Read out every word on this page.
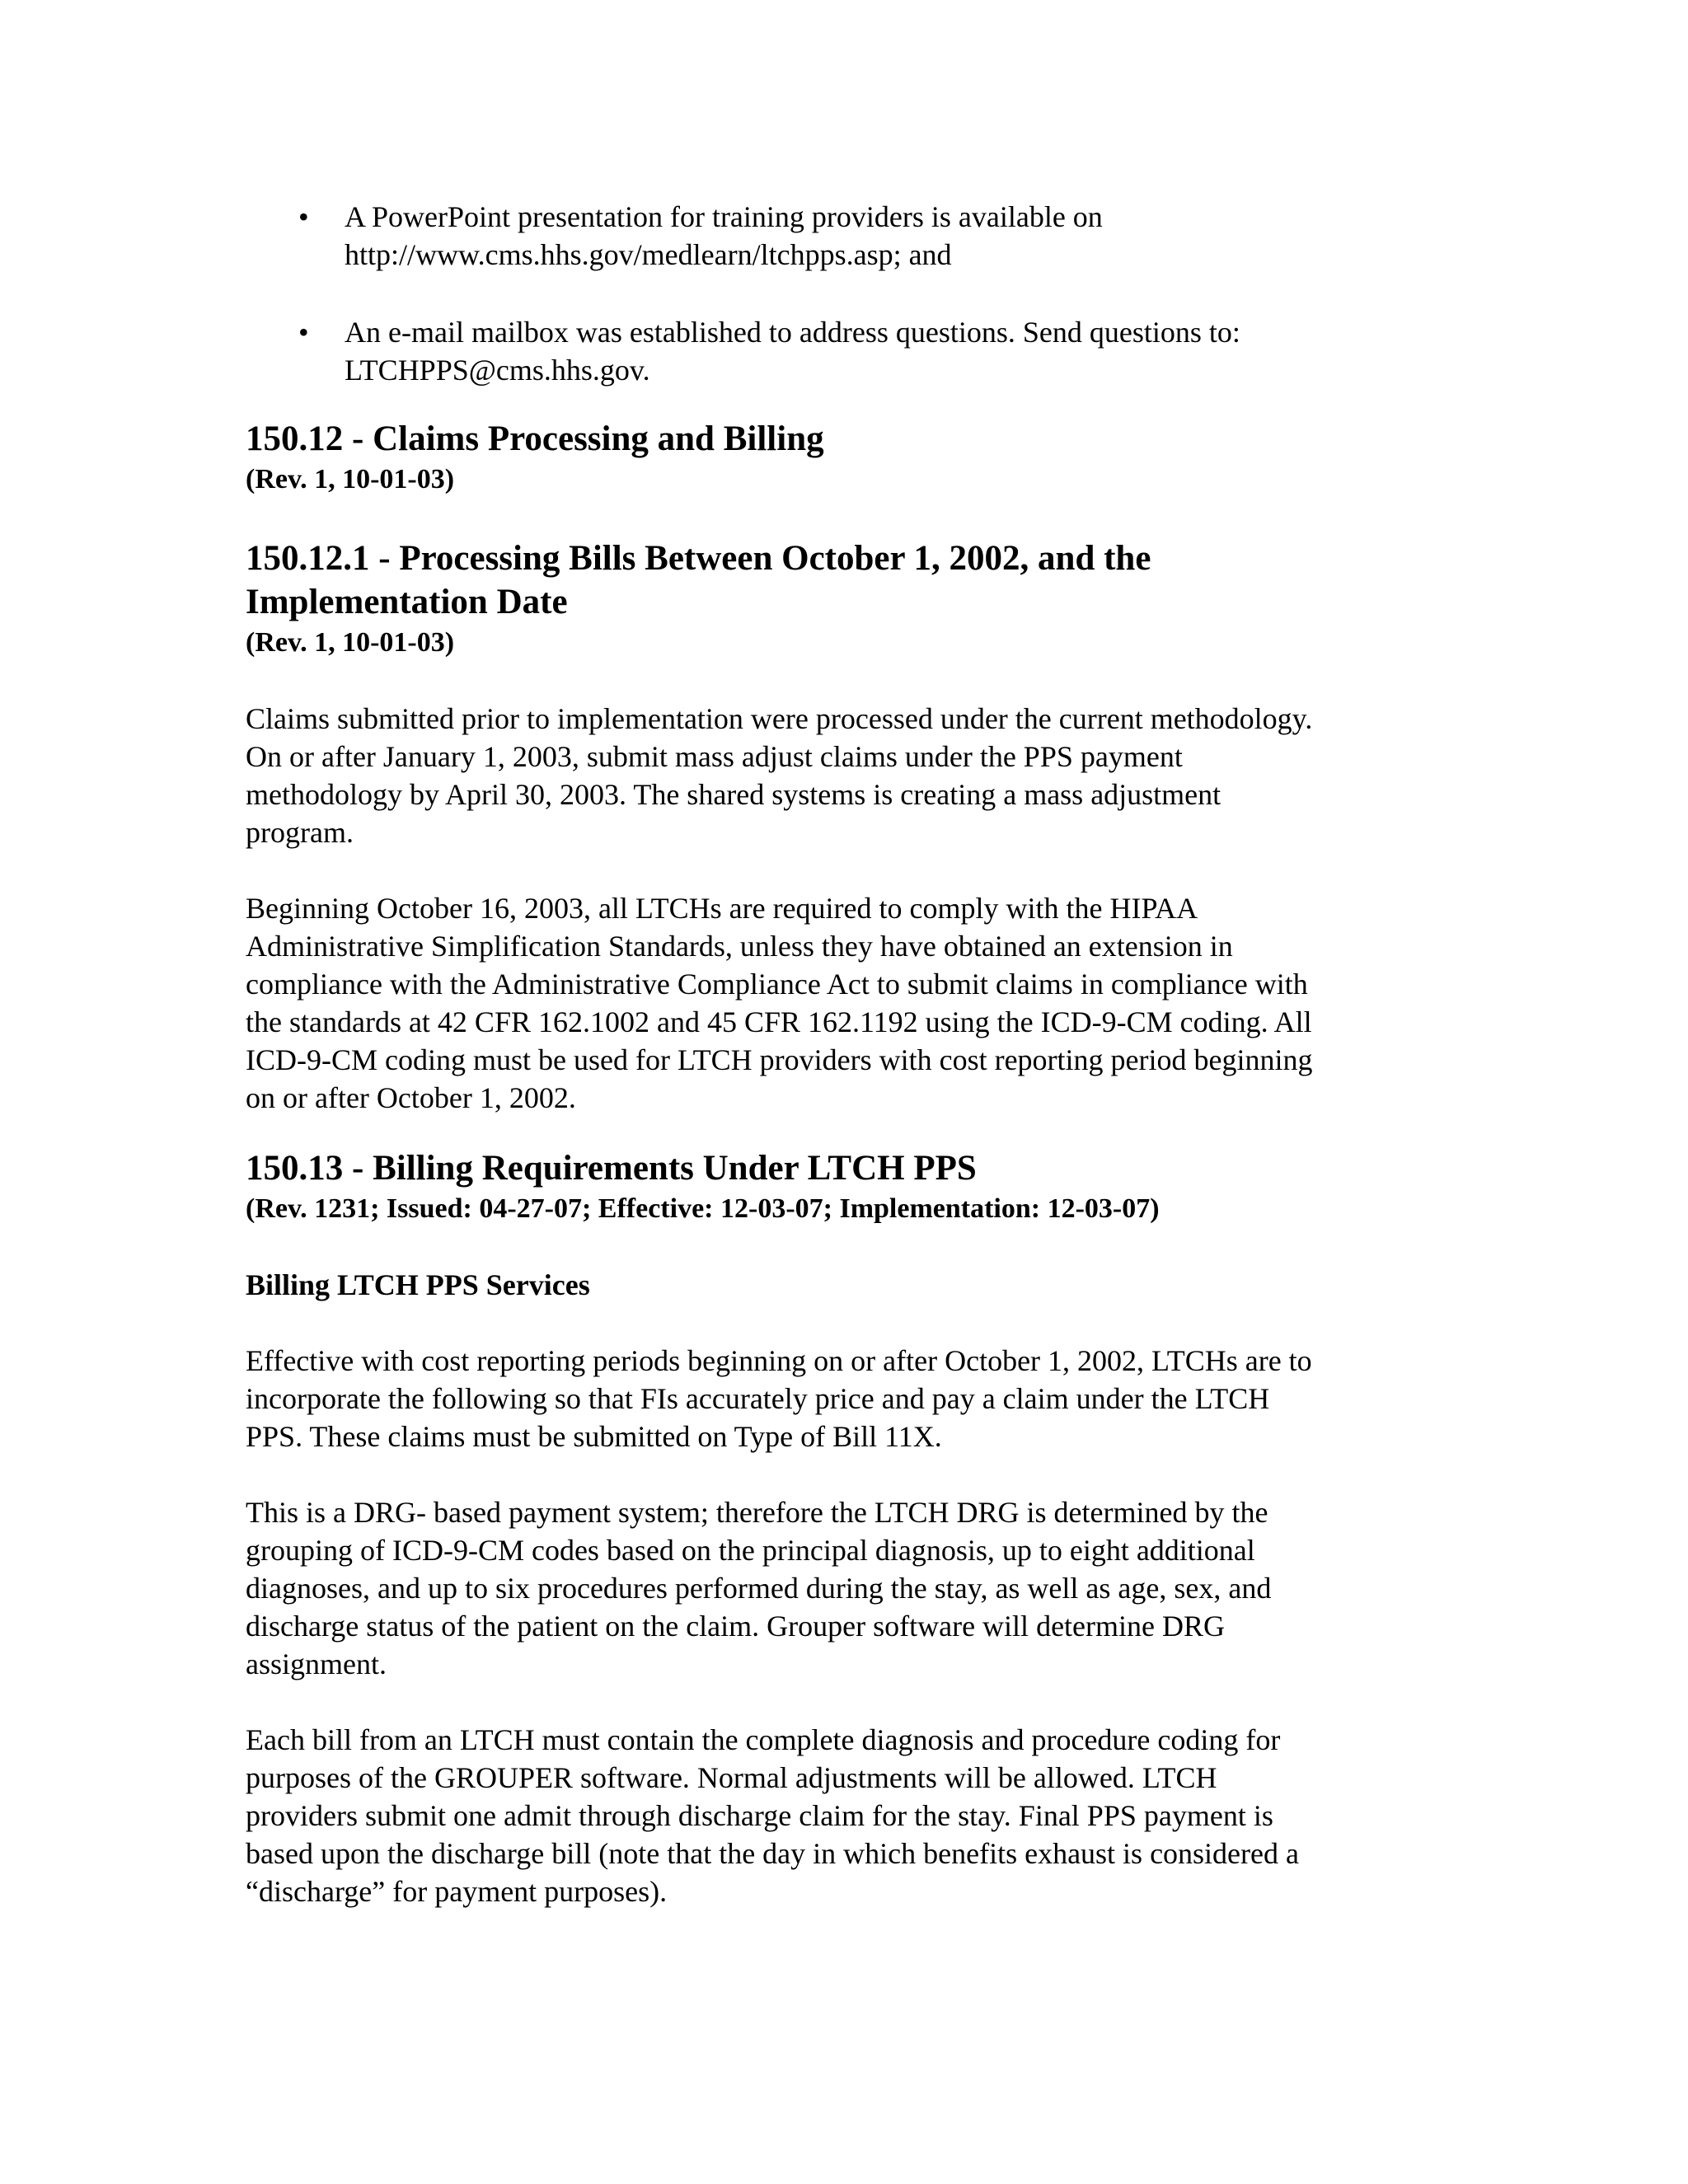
• A PowerPoint presentation for training providers is available on
http://www.cms.hhs.gov/medlearn/ltchpps.asp; and
• An e-mail mailbox was established to address questions. Send questions to:
LTCHPPS@cms.hhs.gov.
150.12 - Claims Processing and Billing
(Rev. 1, 10-01-03)
150.12.1 - Processing Bills Between October 1, 2002, and the
Implementation Date
(Rev. 1, 10-01-03)

Claims submitted prior to implementation were processed under the current methodology.
On or after January 1, 2003, submit mass adjust claims under the PPS payment
methodology by April 30, 2003. The shared systems is creating a mass adjustment
program.

Beginning October 16, 2003, all LTCHs are required to comply with the HIPAA
Administrative Simplification Standards, unless they have obtained an extension in
compliance with the Administrative Compliance Act to submit claims in compliance with
the standards at 42 CFR 162.1002 and 45 CFR 162.1192 using the ICD-9-CM coding. All
ICD-9-CM coding must be used for LTCH providers with cost reporting period beginning
on or after October 1, 2002.

150.13 - Billing Requirements Under LTCH PPS
(Rev. 1231; Issued: 04-27-07; Effective: 12-03-07; Implementation: 12-03-07)
Billing LTCH PPS Services

Effective with cost reporting periods beginning on or after October 1, 2002, LTCHs are to
incorporate the following so that FIs accurately price and pay a claim under the LTCH
PPS. These claims must be submitted on Type of Bill 11X.

This is a DRG- based payment system; therefore the LTCH DRG is determined by the
grouping of ICD-9-CM codes based on the principal diagnosis, up to eight additional
diagnoses, and up to six procedures performed during the stay, as well as age, sex, and
discharge status of the patient on the claim. Grouper software will determine DRG
assignment.

Each bill from an LTCH must contain the complete diagnosis and procedure coding for
purposes of the GROUPER software. Normal adjustments will be allowed. LTCH
providers submit one admit through discharge claim for the stay. Final PPS payment is
based upon the discharge bill (note that the day in which benefits exhaust is considered a
“discharge” for payment purposes).
